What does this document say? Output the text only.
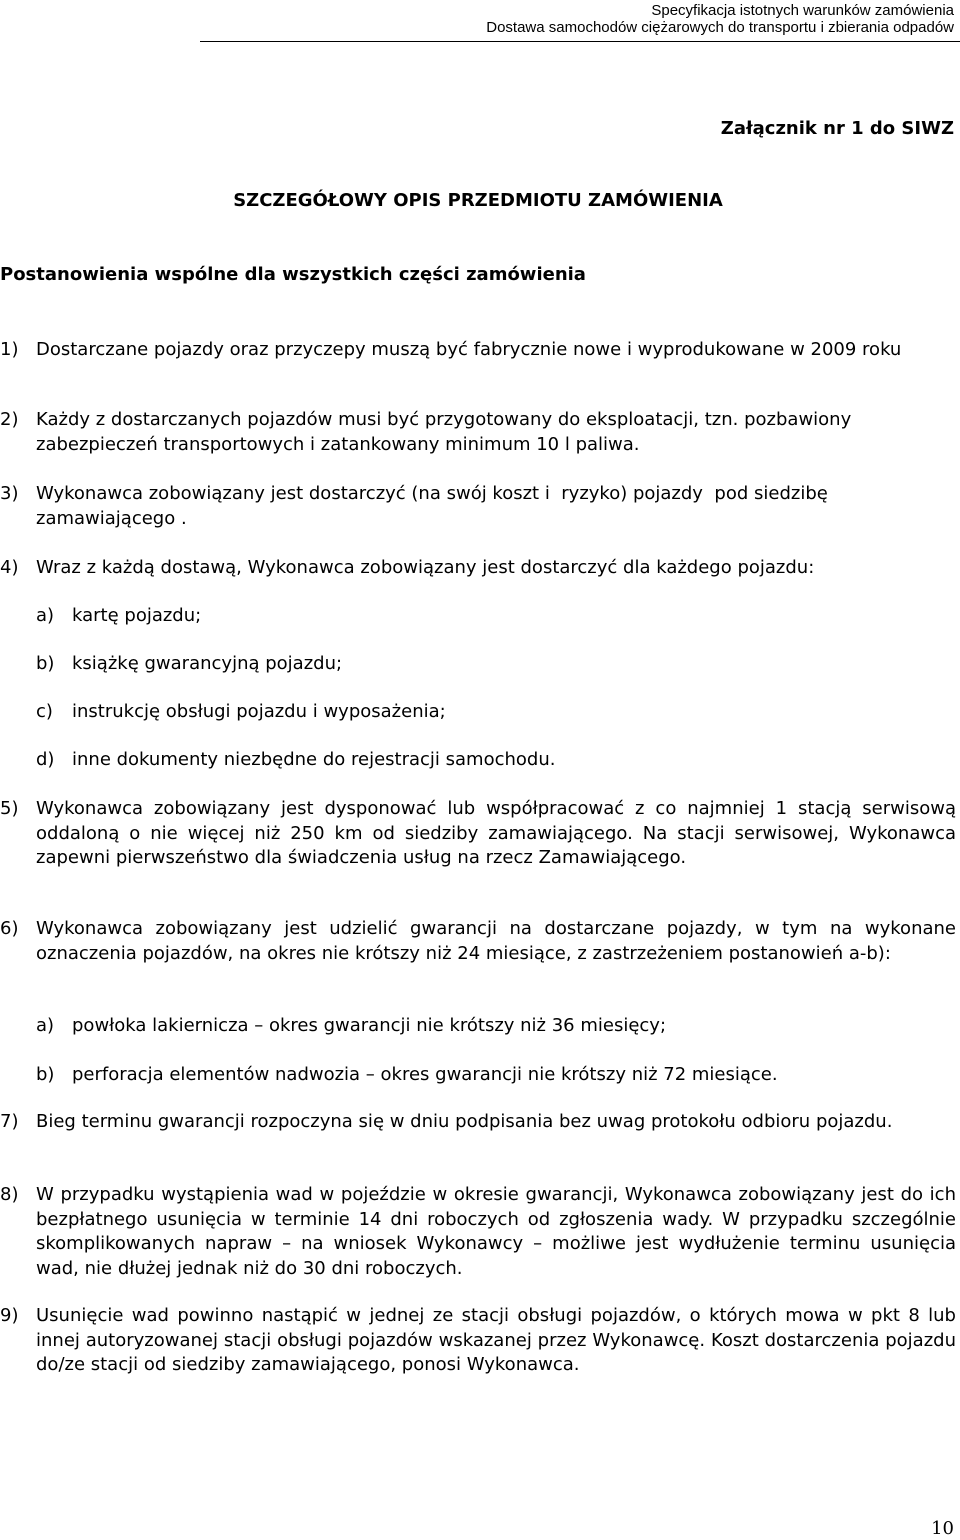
Specyfikacja istotnych warunków zamówienia
Dostawa samochodów ciężarowych do transportu i zbierania odpadów
Załącznik nr 1 do SIWZ
SZCZEGÓŁOWY OPIS PRZEDMIOTU ZAMÓWIENIA
Postanowienia wspólne dla wszystkich części zamówienia
1) Dostarczane pojazdy oraz przyczepy muszą być fabrycznie nowe i wyprodukowane w 2009 roku
2) Każdy z dostarczanych pojazdów musi być przygotowany do eksploatacji, tzn. pozbawiony zabezpieczeń transportowych i zatankowany minimum 10 l paliwa.
3) Wykonawca zobowiązany jest dostarczyć (na swój koszt i  ryzyko) pojazdy  pod siedzibę zamawiającego .
4) Wraz z każdą dostawą, Wykonawca zobowiązany jest dostarczyć dla każdego pojazdu:
a) kartę pojazdu;
b) książkę gwarancyjną pojazdu;
c) instrukcję obsługi pojazdu i wyposażenia;
d) inne dokumenty niezbędne do rejestracji samochodu.
5) Wykonawca zobowiązany jest dysponować lub współpracować z co najmniej 1 stacją serwisową oddaloną o nie więcej niż 250 km od siedziby zamawiającego. Na stacji serwisowej, Wykonawca zapewni pierwszeństwo dla świadczenia usług na rzecz Zamawiającego.
6) Wykonawca zobowiązany jest udzielić gwarancji na dostarczane pojazdy, w tym na wykonane oznaczenia pojazdów, na okres nie krótszy niż 24 miesiące, z zastrzeżeniem postanowień a-b):
a) powłoka lakiernicza – okres gwarancji nie krótszy niż 36 miesięcy;
b) perforacja elementów nadwozia – okres gwarancji nie krótszy niż 72 miesiące.
7) Bieg terminu gwarancji rozpoczyna się w dniu podpisania bez uwag protokołu odbioru pojazdu.
8) W przypadku wystąpienia wad w pojeździe w okresie gwarancji, Wykonawca zobowiązany jest do ich bezpłatnego usunięcia w terminie 14 dni roboczych od zgłoszenia wady. W przypadku szczególnie skomplikowanych napraw – na wniosek Wykonawcy – możliwe jest wydłużenie terminu usunięcia wad, nie dłużej jednak niż do 30 dni roboczych.
9) Usunięcie wad powinno nastąpić w jednej ze stacji obsługi pojazdów, o których mowa w pkt 8 lub innej autoryzowanej stacji obsługi pojazdów wskazanej przez Wykonawcę. Koszt dostarczenia pojazdu do/ze stacji od siedziby zamawiającego, ponosi Wykonawca.
10
